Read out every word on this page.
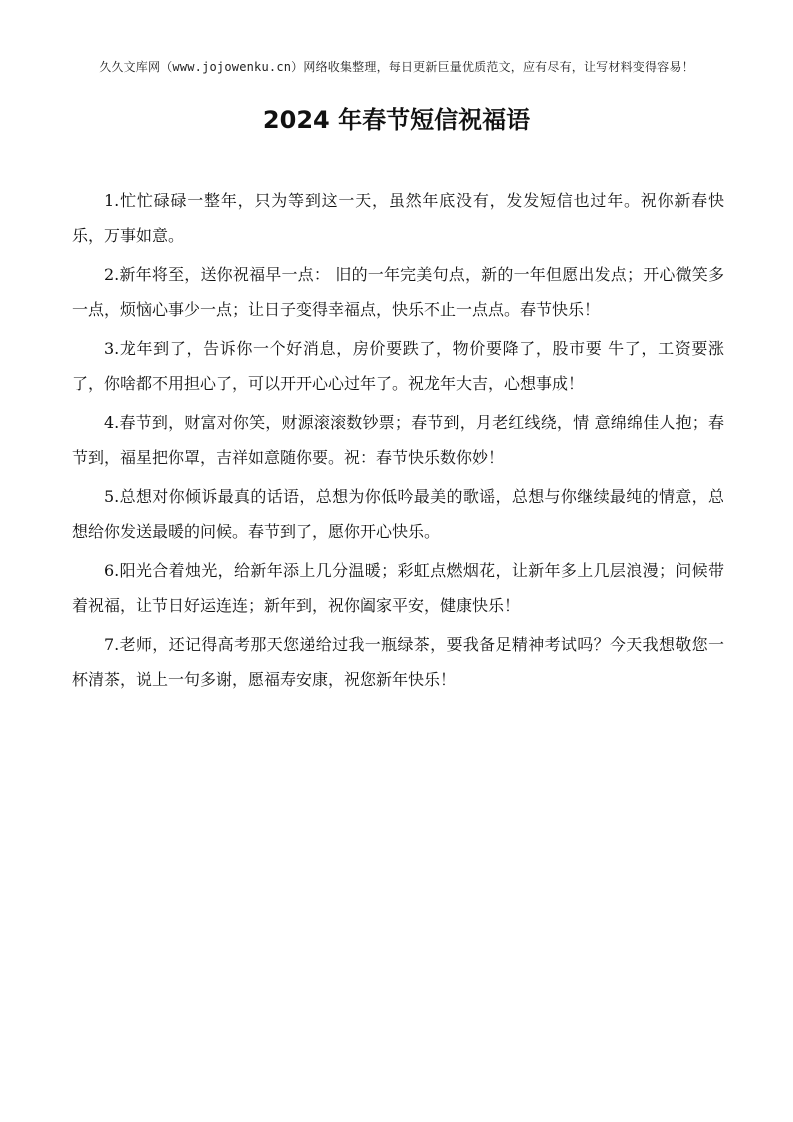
久久文库网（www.jojowenku.cn）网络收集整理，每日更新巨量优质范文，应有尽有，让写材料变得容易！
2024 年春节短信祝福语

1.忙忙碌碌一整年，只为等到这一天，虽然年底没有，发发短信也过年。祝你新春快乐，万事如意。

2.新年将至，送你祝福早一点： 旧的一年完美句点，新的一年但愿出发点；开心微笑多一点，烦恼心事少一点；让日子变得幸福点，快乐不止一点点。春节快乐！

3.龙年到了，告诉你一个好消息，房价要跌了，物价要降了，股市要 牛了，工资要涨了，你啥都不用担心了，可以开开心心过年了。祝龙年大吉，心想事成！

4.春节到，财富对你笑，财源滚滚数钞票；春节到，月老红线绕，情 意绵绵佳人抱；春节到，福星把你罩，吉祥如意随你要。祝：春节快乐数你妙！

5.总想对你倾诉最真的话语，总想为你低吟最美的歌谣，总想与你继续最纯的情意，总想给你发送最暖的问候。春节到了，愿你开心快乐。

6.阳光合着烛光，给新年添上几分温暖；彩虹点燃烟花，让新年多上几层浪漫；问候带着祝福，让节日好运连连；新年到，祝你阖家平安，健康快乐！

7.老师，还记得高考那天您递给过我一瓶绿茶，要我备足精神考试吗？今天我想敬您一杯清茶，说上一句多谢，愿福寿安康，祝您新年快乐！
